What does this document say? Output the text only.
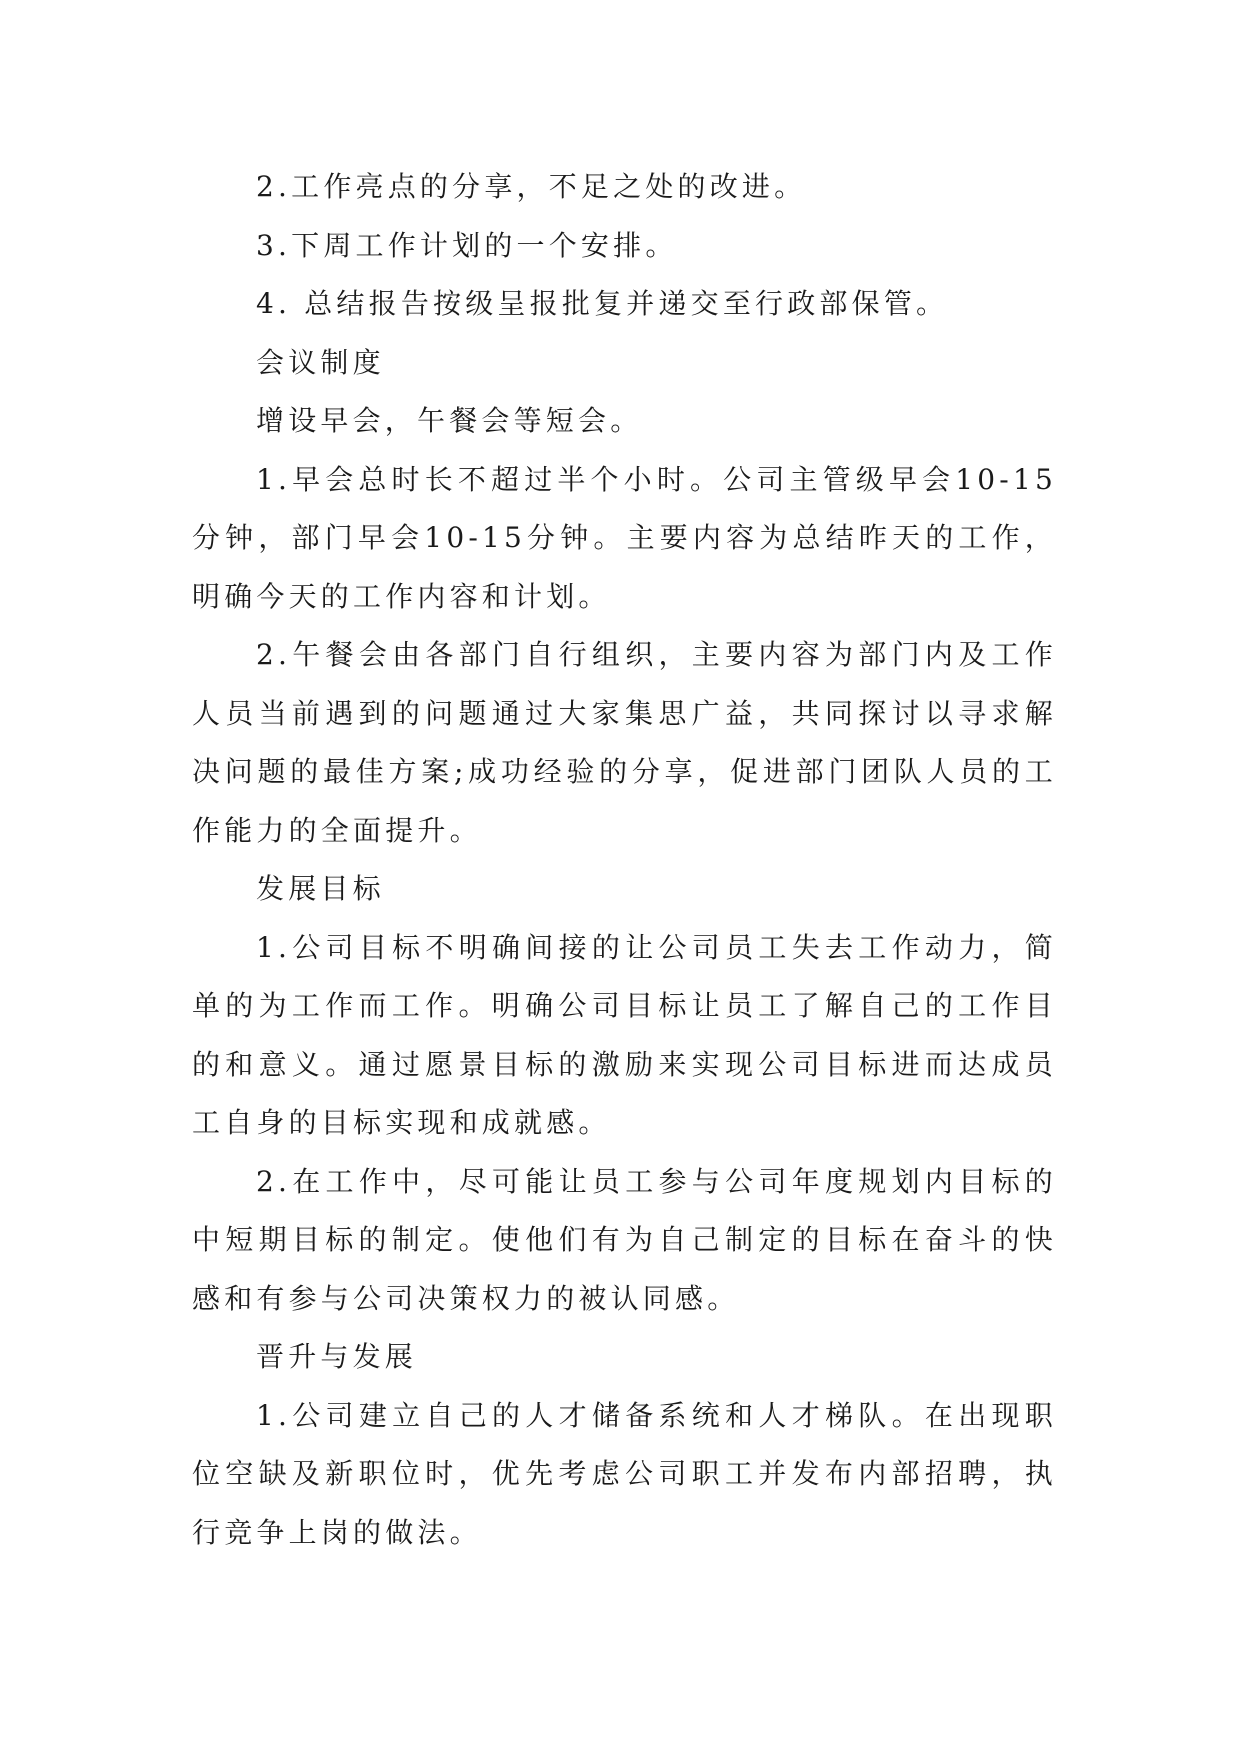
2.工作亮点的分享，不足之处的改进。

3.下周工作计划的一个安排。

4. 总结报告按级呈报批复并递交至行政部保管。

会议制度

增设早会，午餐会等短会。

1.早会总时长不超过半个小时。公司主管级早会10-15分钟，部门早会10-15分钟。主要内容为总结昨天的工作，明确今天的工作内容和计划。

2.午餐会由各部门自行组织，主要内容为部门内及工作人员当前遇到的问题通过大家集思广益，共同探讨以寻求解决问题的最佳方案;成功经验的分享，促进部门团队人员的工作能力的全面提升。

发展目标

1.公司目标不明确间接的让公司员工失去工作动力，简单的为工作而工作。明确公司目标让员工了解自己的工作目的和意义。通过愿景目标的激励来实现公司目标进而达成员工自身的目标实现和成就感。

2.在工作中，尽可能让员工参与公司年度规划内目标的中短期目标的制定。使他们有为自己制定的目标在奋斗的快感和有参与公司决策权力的被认同感。

晋升与发展

1.公司建立自己的人才储备系统和人才梯队。在出现职位空缺及新职位时，优先考虑公司职工并发布内部招聘，执行竞争上岗的做法。
